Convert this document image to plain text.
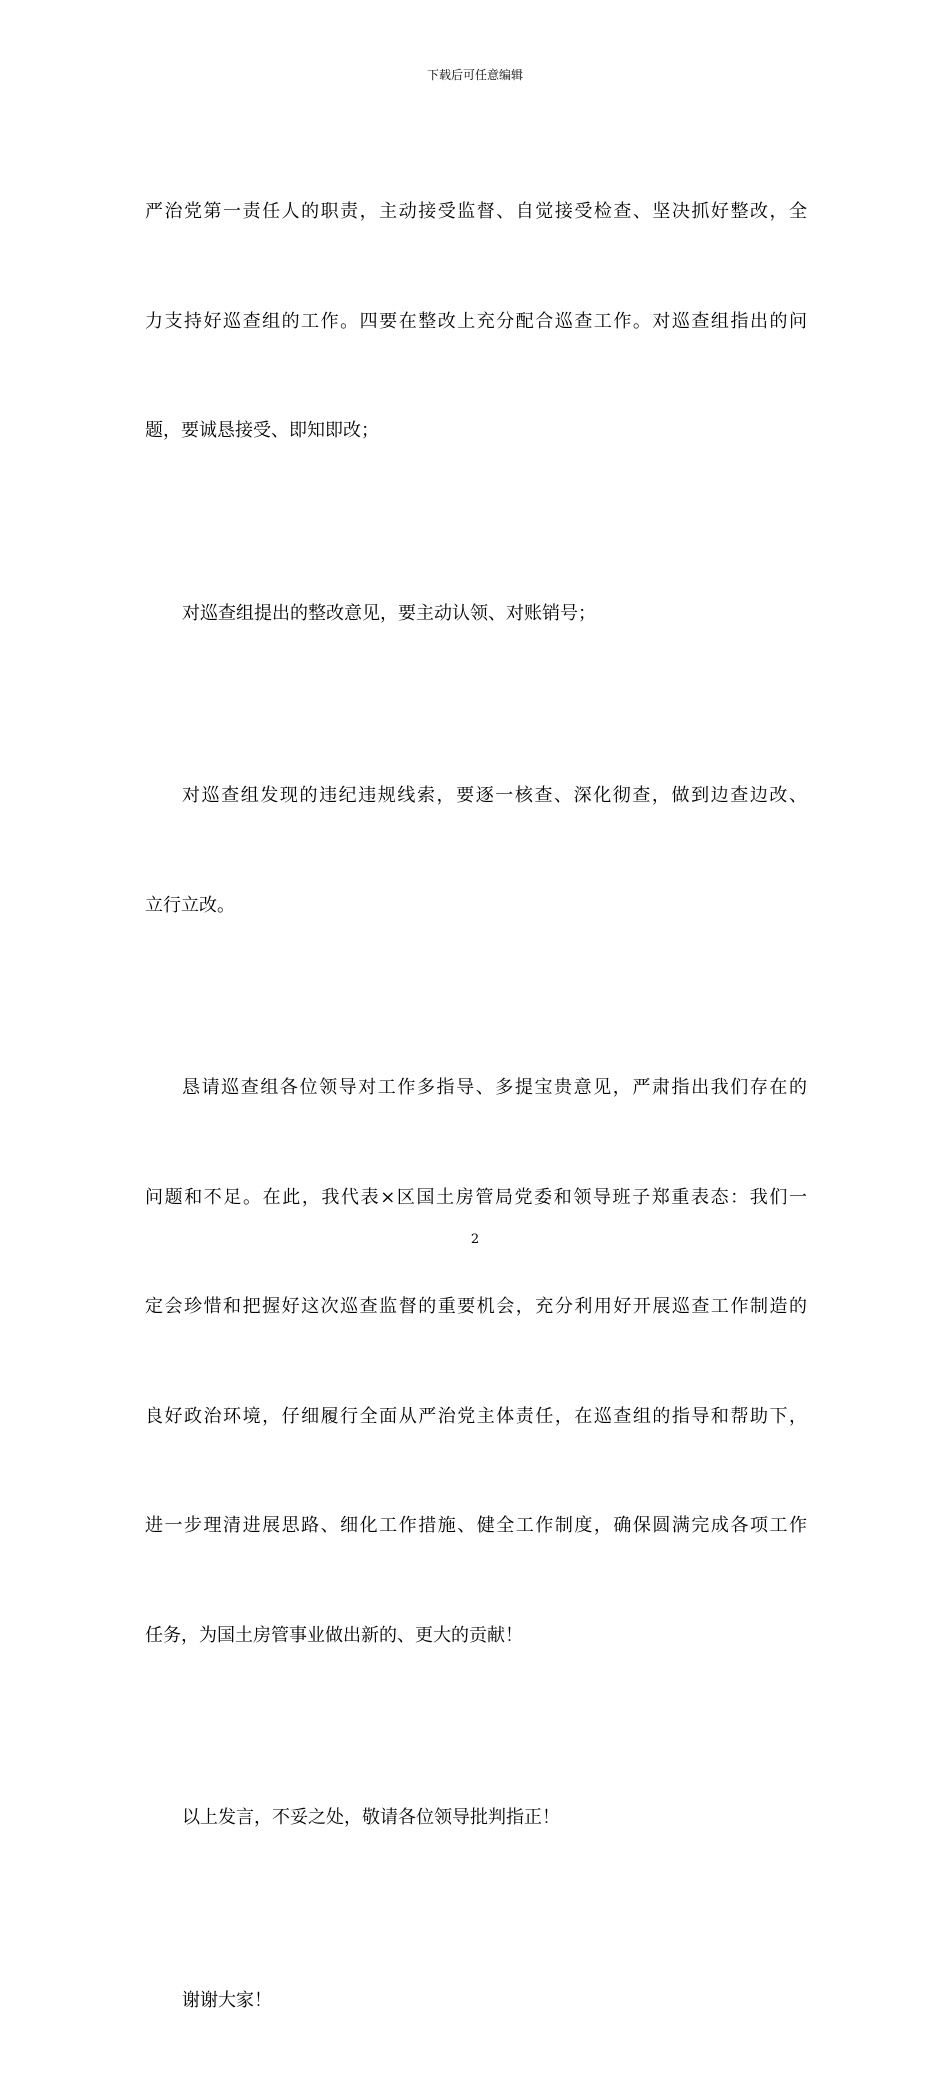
下载后可任意编辑

严治党第一责任人的职责，主动接受监督、自觉接受检查、坚决抓好整改，全

力支持好巡查组的工作。四要在整改上充分配合巡查工作。对巡查组指出的问

题，要诚恳接受、即知即改；

对巡查组提出的整改意见，要主动认领、对账销号；

对巡查组发现的违纪违规线索，要逐一核查、深化彻查，做到边查边改、

立行立改。

恳请巡查组各位领导对工作多指导、多提宝贵意见，严肃指出我们存在的

问题和不足。在此，我代表×区国土房管局党委和领导班子郑重表态：我们一

定会珍惜和把握好这次巡查监督的重要机会，充分利用好开展巡查工作制造的

良好政治环境，仔细履行全面从严治党主体责任，在巡查组的指导和帮助下，

进一步理清进展思路、细化工作措施、健全工作制度，确保圆满完成各项工作

任务，为国土房管事业做出新的、更大的贡献！

以上发言，不妥之处，敬请各位领导批判指正！

谢谢大家！

2
